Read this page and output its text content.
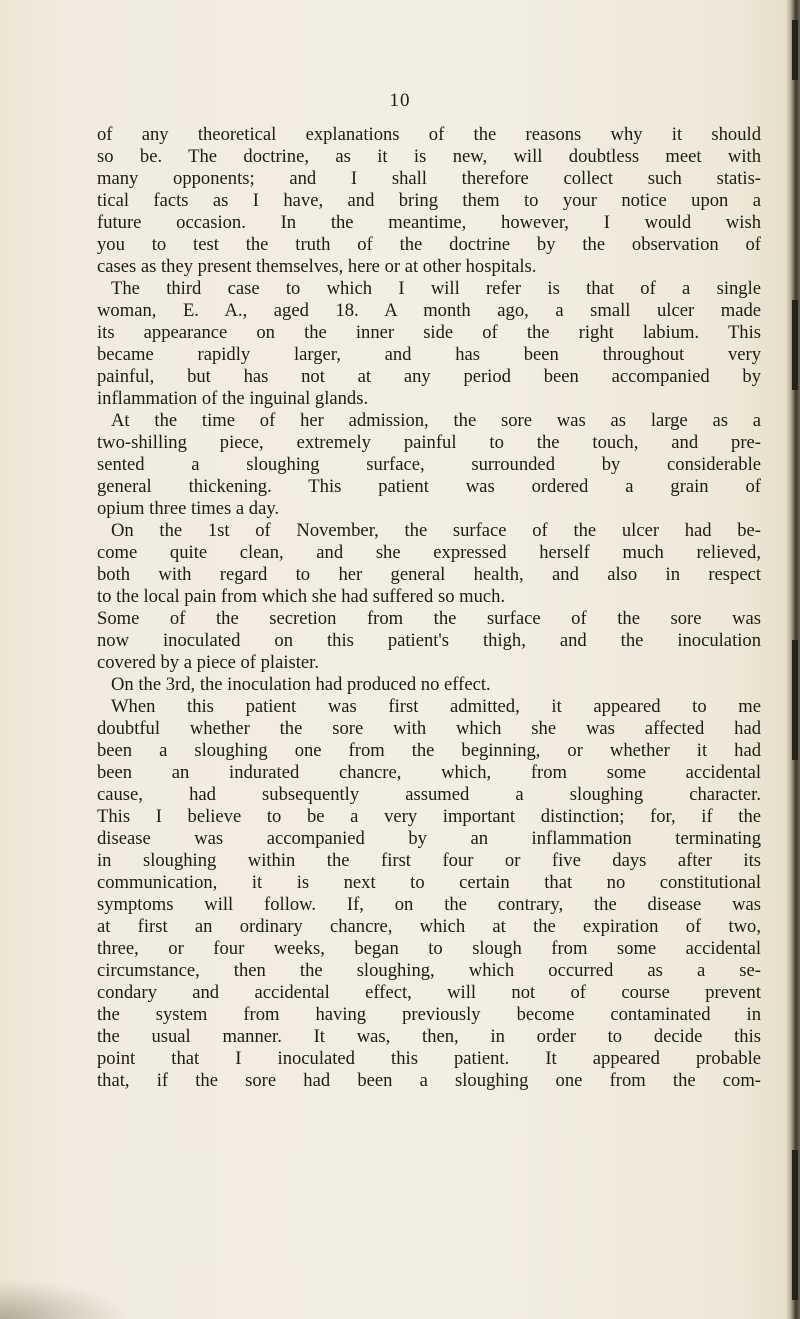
10
of any theoretical explanations of the reasons why it should
so be. The doctrine, as it is new, will doubtless meet with
many opponents; and I shall therefore collect such statis-
tical facts as I have, and bring them to your notice upon a
future occasion. In the meantime, however, I would wish
you to test the truth of the doctrine by the observation of
cases as they present themselves, here or at other hospitals.
The third case to which I will refer is that of a single
woman, E. A., aged 18. A month ago, a small ulcer made
its appearance on the inner side of the right labium. This
became rapidly larger, and has been throughout very
painful, but has not at any period been accompanied by
inflammation of the inguinal glands.
At the time of her admission, the sore was as large as a
two-shilling piece, extremely painful to the touch, and pre-
sented a sloughing surface, surrounded by considerable
general thickening. This patient was ordered a grain of
opium three times a day.
On the 1st of November, the surface of the ulcer had be-
come quite clean, and she expressed herself much relieved,
both with regard to her general health, and also in respect
to the local pain from which she had suffered so much.
Some of the secretion from the surface of the sore was
now inoculated on this patient's thigh, and the inoculation
covered by a piece of plaister.
On the 3rd, the inoculation had produced no effect.
When this patient was first admitted, it appeared to me
doubtful whether the sore with which she was affected had
been a sloughing one from the beginning, or whether it had
been an indurated chancre, which, from some accidental
cause, had subsequently assumed a sloughing character.
This I believe to be a very important distinction; for, if the
disease was accompanied by an inflammation terminating
in sloughing within the first four or five days after its
communication, it is next to certain that no constitutional
symptoms will follow. If, on the contrary, the disease was
at first an ordinary chancre, which at the expiration of two,
three, or four weeks, began to slough from some accidental
circumstance, then the sloughing, which occurred as a se-
condary and accidental effect, will not of course prevent
the system from having previously become contaminated in
the usual manner. It was, then, in order to decide this
point that I inoculated this patient. It appeared probable
that, if the sore had been a sloughing one from the com-
